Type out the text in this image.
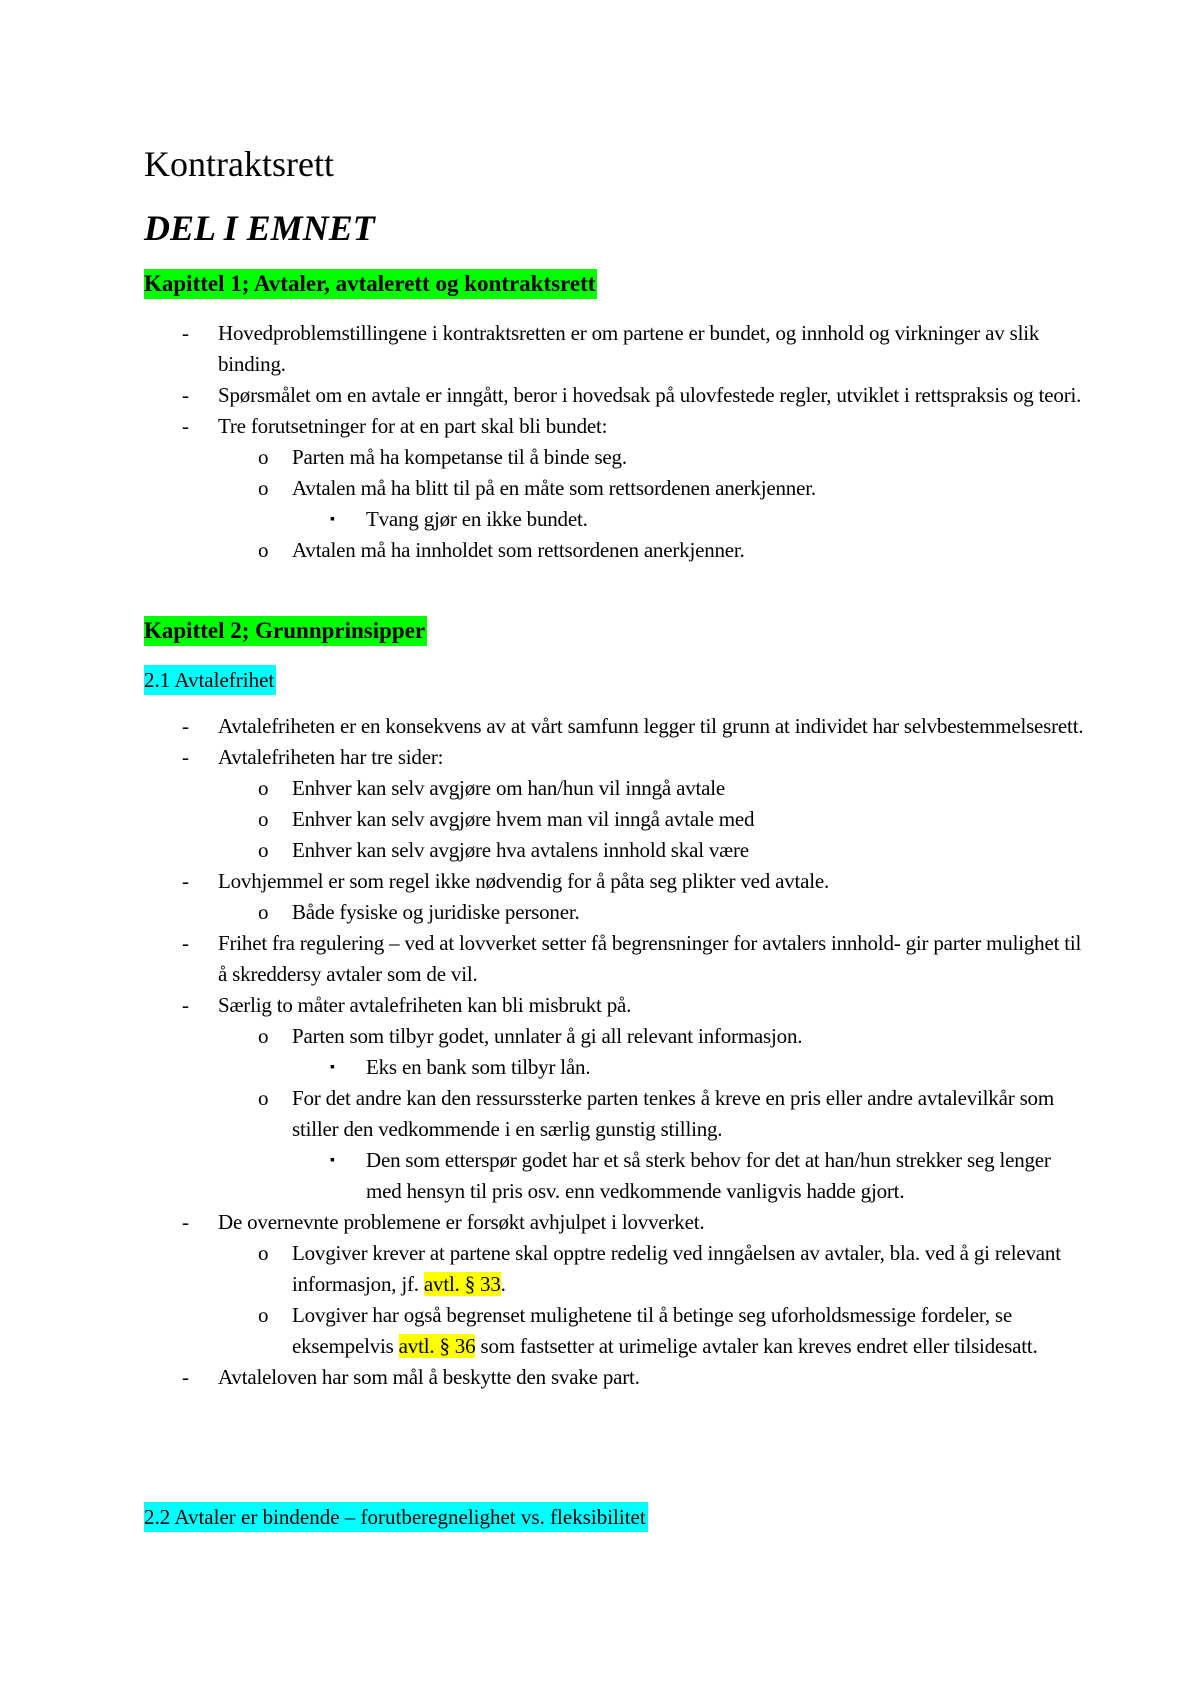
Kontraktsrett
DEL I EMNET
Kapittel 1; Avtaler, avtalerett og kontraktsrett
- Hovedproblemstillingene i kontraktsretten er om partene er bundet, og innhold og virkninger av slik binding.
- Spørsmålet om en avtale er inngått, beror i hovedsak på ulovfestede regler, utviklet i rettspraksis og teori.
- Tre forutsetninger for at en part skal bli bundet:
o Parten må ha kompetanse til å binde seg.
o Avtalen må ha blitt til på en måte som rettsordenen anerkjenner.
▪ Tvang gjør en ikke bundet.
o Avtalen må ha innholdet som rettsordenen anerkjenner.
Kapittel 2; Grunnprinsipper
2.1 Avtalefrihet
- Avtalefriheten er en konsekvens av at vårt samfunn legger til grunn at individet har selvbestemmelsesrett.
- Avtalefriheten har tre sider:
o Enhver kan selv avgjøre om han/hun vil inngå avtale
o Enhver kan selv avgjøre hvem man vil inngå avtale med
o Enhver kan selv avgjøre hva avtalens innhold skal være
- Lovhjemmel er som regel ikke nødvendig for å påta seg plikter ved avtale.
o Både fysiske og juridiske personer.
- Frihet fra regulering – ved at lovverket setter få begrensninger for avtalers innhold- gir parter mulighet til å skreddersy avtaler som de vil.
- Særlig to måter avtalefriheten kan bli misbrukt på.
o Parten som tilbyr godet, unnlater å gi all relevant informasjon.
▪ Eks en bank som tilbyr lån.
o For det andre kan den ressurssterke parten tenkes å kreve en pris eller andre avtalevilkår som stiller den vedkommende i en særlig gunstig stilling.
▪ Den som etterspør godet har et så sterk behov for det at han/hun strekker seg lenger med hensyn til pris osv. enn vedkommende vanligvis hadde gjort.
- De overnevnte problemene er forsøkt avhjulpet i lovverket.
o Lovgiver krever at partene skal opptre redelig ved inngåelsen av avtaler, bla. ved å gi relevant informasjon, jf. avtl. § 33.
o Lovgiver har også begrenset mulighetene til å betinge seg uforholdsmessige fordeler, se eksempelvis avtl. § 36 som fastsetter at urimelige avtaler kan kreves endret eller tilsidesatt.
- Avtaleloven har som mål å beskytte den svake part.
2.2 Avtaler er bindende – forutberegnelighet vs. fleksibilitet
